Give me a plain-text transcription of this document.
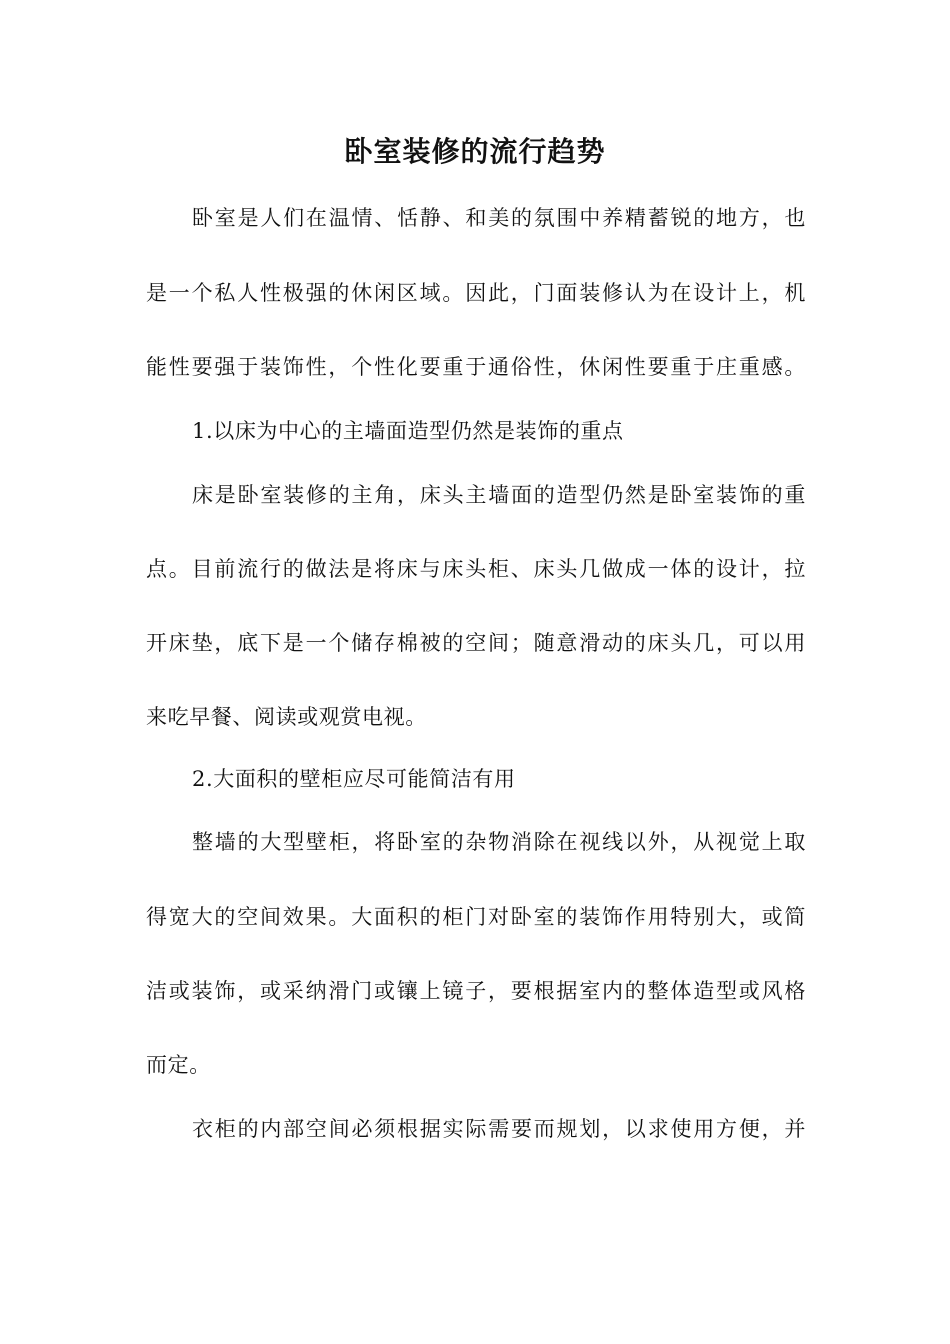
卧室装修的流行趋势
卧室是人们在温情、恬静、和美的氛围中养精蓄锐的地方，也
是一个私人性极强的休闲区域。因此，门面装修认为在设计上，机
能性要强于装饰性，个性化要重于通俗性，休闲性要重于庄重感。
1.以床为中心的主墙面造型仍然是装饰的重点
床是卧室装修的主角，床头主墙面的造型仍然是卧室装饰的重
点。目前流行的做法是将床与床头柜、床头几做成一体的设计，拉
开床垫，底下是一个储存棉被的空间；随意滑动的床头几，可以用
来吃早餐、阅读或观赏电视。
2.大面积的壁柜应尽可能简洁有用
整墙的大型壁柜，将卧室的杂物消除在视线以外，从视觉上取
得宽大的空间效果。大面积的柜门对卧室的装饰作用特别大，或简
洁或装饰，或采纳滑门或镶上镜子，要根据室内的整体造型或风格
而定。
衣柜的内部空间必须根据实际需要而规划，以求使用方便，并
